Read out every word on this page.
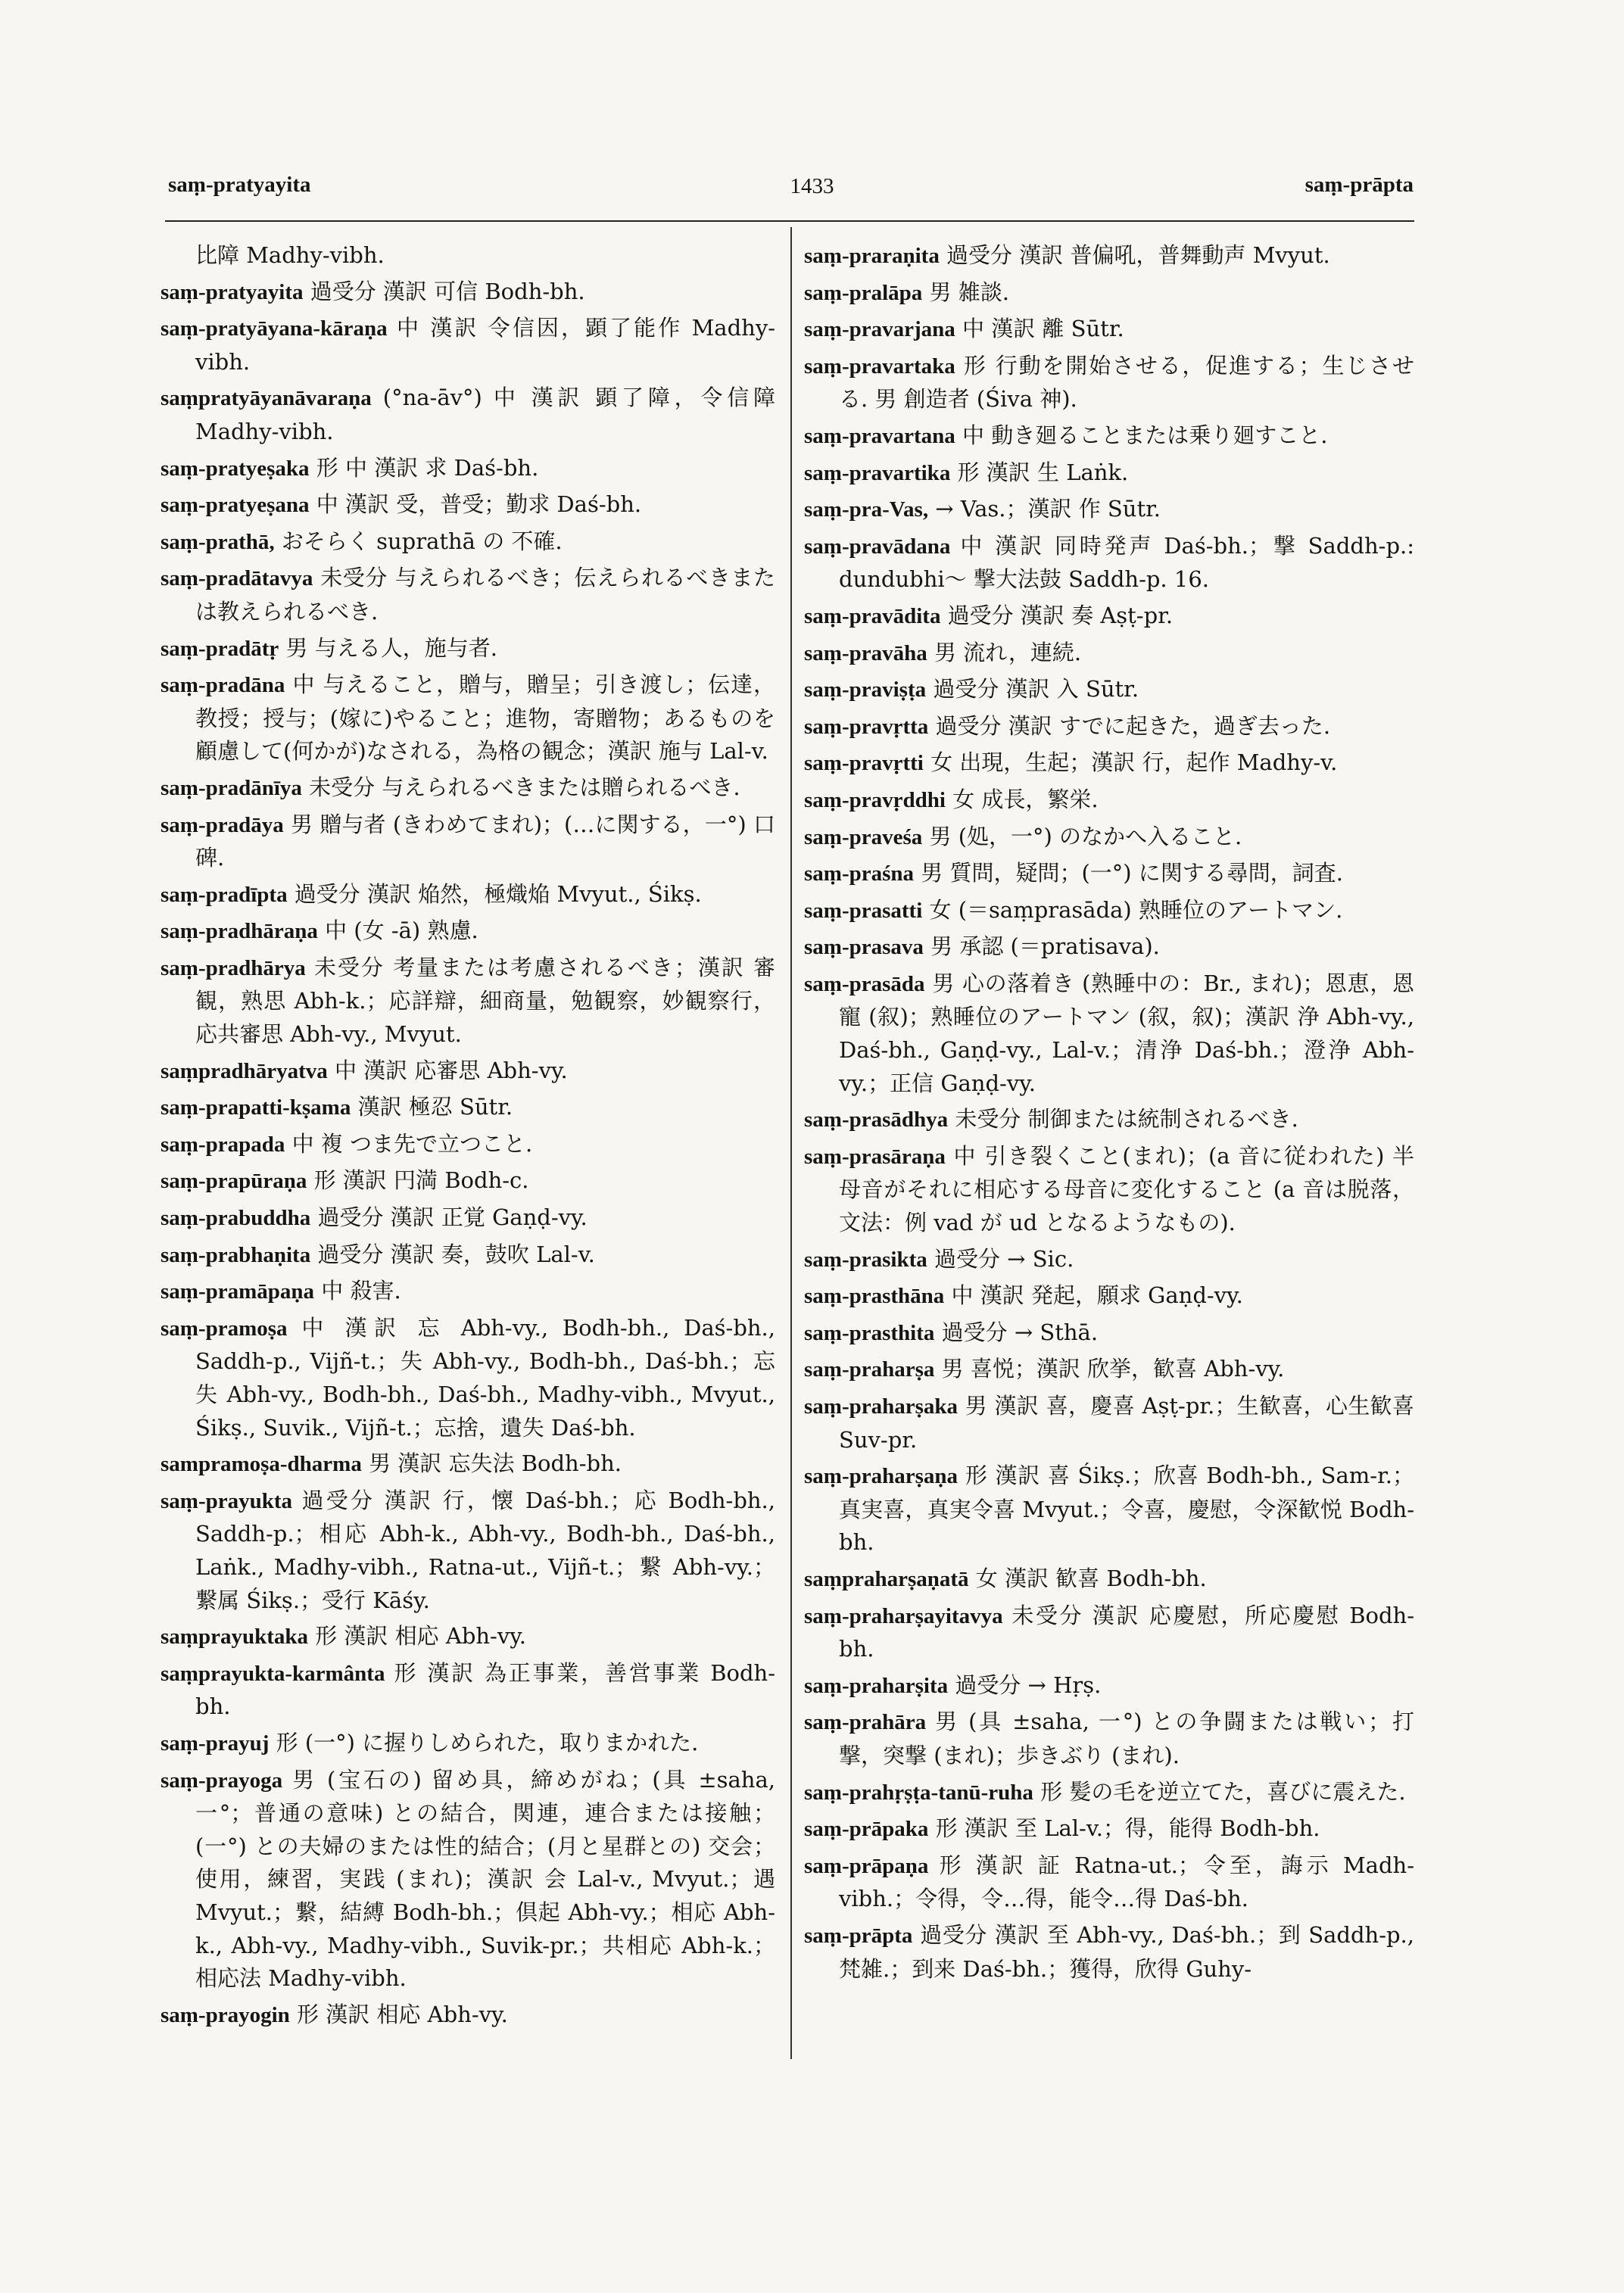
saṃ-pratyayita	1433	saṃ-prāpta

比障 Madhy-vibh.

saṃ-pratyayita 過受分 漢訳 可信 Bodh-bh.

saṃ-pratyāyana-kāraṇa 中 漢訳 令信因，顕了能作 Madhy-vibh.

saṃpratyāyanāvaraṇa (°na-āv°) 中 漢訳 顕了障，令信障 Madhy-vibh.

saṃ-pratyeṣaka 形 中 漢訳 求 Daś-bh.

saṃ-pratyeṣana 中 漢訳 受，普受；勤求 Daś-bh.

saṃ-prathā, おそらく suprathā の 不確.

saṃ-pradātavya 未受分 与えられるべき；伝えられるべきまたは教えられるべき.

saṃ-pradātṛ 男 与える人，施与者.

saṃ-pradāna 中 与えること，贈与，贈呈；引き渡し；伝達，教授；授与；(嫁に)やること；進物，寄贈物；あるものを顧慮して(何かが)なされる，為格の観念；漢訳 施与 Lal-v.

saṃ-pradānīya 未受分 与えられるべきまたは贈られるべき.

saṃ-pradāya 男 贈与者 (きわめてまれ)；(…に関する，一°) 口碑.

saṃ-pradīpta 過受分 漢訳 焔然，極熾焔 Mvyut., Śikṣ.

saṃ-pradhāraṇa 中 (女 -ā) 熟慮.

saṃ-pradhārya 未受分 考量または考慮されるべき；漢訳 審観，熟思 Abh-k.；応詳辯，細商量，勉観察，妙観察行，応共審思 Abh-vy., Mvyut.

saṃpradhāryatva 中 漢訳 応審思 Abh-vy.

saṃ-prapatti-kṣama 漢訳 極忍 Sūtr.

saṃ-prapada 中 複 つま先で立つこと.

saṃ-prapūraṇa 形 漢訳 円満 Bodh-c.

saṃ-prabuddha 過受分 漢訳 正覚 Gaṇḍ-vy.

saṃ-prabhaṇita 過受分 漢訳 奏，鼓吹 Lal-v.

saṃ-pramāpaṇa 中 殺害.

saṃ-pramoṣa 中 漢訳 忘 Abh-vy., Bodh-bh., Daś-bh., Saddh-p., Vijñ-t.；失 Abh-vy., Bodh-bh., Daś-bh.；忘失 Abh-vy., Bodh-bh., Daś-bh., Madhy-vibh., Mvyut., Śikṣ., Suvik., Vijñ-t.；忘捨，遺失 Daś-bh.

sampramoṣa-dharma 男 漢訳 忘失法 Bodh-bh.

saṃ-prayukta 過受分 漢訳 行，懐 Daś-bh.；応 Bodh-bh., Saddh-p.；相応 Abh-k., Abh-vy., Bodh-bh., Daś-bh., Laṅk., Madhy-vibh., Ratna-ut., Vijñ-t.；繋 Abh-vy.；繋属 Śikṣ.；受行 Kāśy.

saṃprayuktaka 形 漢訳 相応 Abh-vy.

saṃprayukta-karmânta 形 漢訳 為正事業，善営事業 Bodh-bh.

saṃ-prayuj 形 (一°) に握りしめられた，取りまかれた.

saṃ-prayoga 男 (宝石の) 留め具，締めがね；(具 ±saha, 一°；普通の意味) との結合，関連，連合または接触；(一°) との夫婦のまたは性的結合；(月と星群との) 交会；使用，練習，実践 (まれ)；漢訳 会 Lal-v., Mvyut.；遇 Mvyut.；繋，結縛 Bodh-bh.；倶起 Abh-vy.；相応 Abh-k., Abh-vy., Madhy-vibh., Suvik-pr.；共相応 Abh-k.；相応法 Madhy-vibh.

saṃ-prayogin 形 漢訳 相応 Abh-vy.

saṃ-praraṇita 過受分 漢訳 普偏吼，普舞動声 Mvyut.

saṃ-pralāpa 男 雑談.

saṃ-pravarjana 中 漢訳 離 Sūtr.

saṃ-pravartaka 形 行動を開始させる，促進する；生じさせる. 男 創造者 (Śiva 神).

saṃ-pravartana 中 動き廻ることまたは乗り廻すこと.

saṃ-pravartika 形 漢訳 生 Laṅk.

saṃ-pra-Vas, → Vas.；漢訳 作 Sūtr.

saṃ-pravādana 中 漢訳 同時発声 Daś-bh.；撃 Saddh-p.: dundubhi～ 撃大法鼓 Saddh-p. 16.

saṃ-pravādita 過受分 漢訳 奏 Aṣṭ-pr.

saṃ-pravāha 男 流れ，連続.

saṃ-praviṣṭa 過受分 漢訳 入 Sūtr.

saṃ-pravṛtta 過受分 漢訳 すでに起きた，過ぎ去った.

saṃ-pravṛtti 女 出現，生起；漢訳 行，起作 Madhy-v.

saṃ-pravṛddhi 女 成長，繁栄.

saṃ-praveśa 男 (処，一°) のなかへ入ること.

saṃ-praśna 男 質問，疑問；(一°) に関する尋問，詞査.

saṃ-prasatti 女 (＝saṃprasāda) 熟睡位のアートマン.

saṃ-prasava 男 承認 (＝pratisava).

saṃ-prasāda 男 心の落着き (熟睡中の：Br., まれ)；恩恵，恩寵 (叙)；熟睡位のアートマン (叙，叙)；漢訳 浄 Abh-vy., Daś-bh., Gaṇḍ-vy., Lal-v.；清浄 Daś-bh.；澄浄 Abh-vy.；正信 Gaṇḍ-vy.

saṃ-prasādhya 未受分 制御または統制されるべき.

saṃ-prasāraṇa 中 引き裂くこと(まれ)；(a 音に従われた) 半母音がそれに相応する母音に変化すること (a 音は脱落，文法：例 vad が ud となるようなもの).

saṃ-prasikta 過受分 → Sic.

saṃ-prasthāna 中 漢訳 発起，願求 Gaṇḍ-vy.

saṃ-prasthita 過受分 → Sthā.

saṃ-praharṣa 男 喜悦；漢訳 欣挙，歓喜 Abh-vy.

saṃ-praharṣaka 男 漢訳 喜，慶喜 Aṣṭ-pr.；生歓喜，心生歓喜 Suv-pr.

saṃ-praharṣaṇa 形 漢訳 喜 Śikṣ.；欣喜 Bodh-bh., Sam-r.；真実喜，真実令喜 Mvyut.；令喜，慶慰，令深歓悦 Bodh-bh.

saṃpraharṣaṇatā 女 漢訳 歓喜 Bodh-bh.

saṃ-praharṣayitavya 未受分 漢訳 応慶慰，所応慶慰 Bodh-bh.

saṃ-praharṣita 過受分 → Hṛṣ.

saṃ-prahāra 男 (具 ±saha, 一°) との争闘または戦い；打撃，突撃 (まれ)；歩きぶり (まれ).

saṃ-prahṛṣṭa-tanū-ruha 形 髪の毛を逆立てた，喜びに震えた.

saṃ-prāpaka 形 漢訳 至 Lal-v.；得，能得 Bodh-bh.

saṃ-prāpaṇa 形 漢訳 証 Ratna-ut.；令至，誨示 Madh-vibh.；令得，令…得，能令…得 Daś-bh.

saṃ-prāpta 過受分 漢訳 至 Abh-vy., Daś-bh.；到 Saddh-p., 梵雑.；到来 Daś-bh.；獲得，欣得 Guhy-
